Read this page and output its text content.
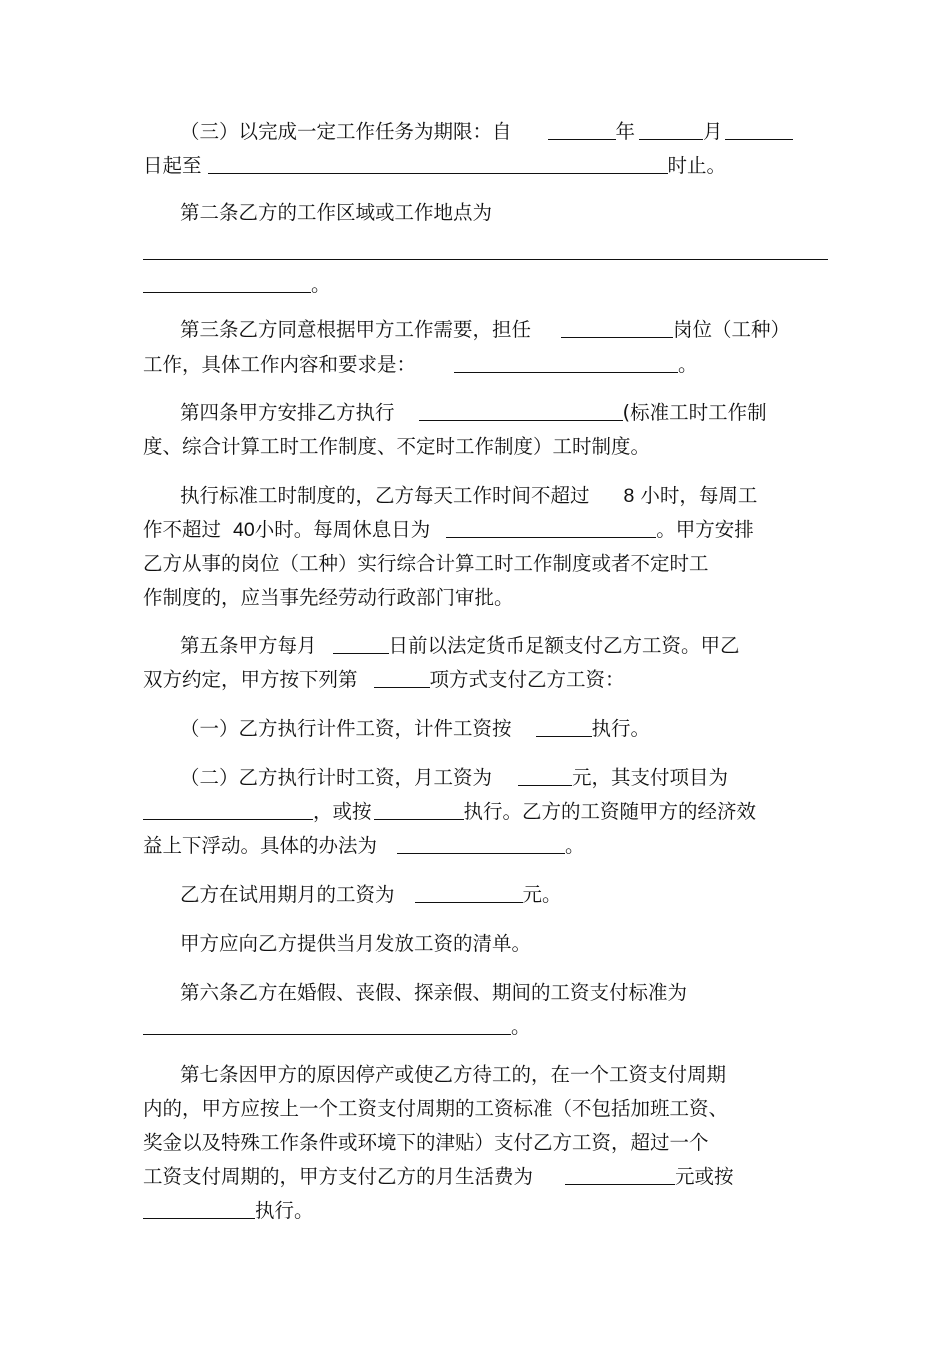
（三）以完成一定工作任务为期限：自	年	月
日起至	时止。
第二条乙方的工作区域或工作地点为
。
第三条乙方同意根据甲方工作需要，担任	岗位（工种）
工作，具体工作内容和要求是：	。
第四条甲方安排乙方执行	(标准工时工作制
度、综合计算工时工作制度、不定时工作制度）工时制度。
执行标准工时制度的，乙方每天工作时间不超过 8 小时，每周工
作不超过 40小时。每周休息日为	。甲方安排
乙方从事的岗位（工种）实行综合计算工时工作制度或者不定时工
作制度的，应当事先经劳动行政部门审批。
第五条甲方每月	日前以法定货币足额支付乙方工资。甲乙
双方约定，甲方按下列第	项方式支付乙方工资：
（一）乙方执行计件工资，计件工资按	执行。
（二）乙方执行计时工资，月工资为	元，其支付项目为
，或按	执行。乙方的工资随甲方的经济效
益上下浮动。具体的办法为	。
乙方在试用期月的工资为	元。
甲方应向乙方提供当月发放工资的清单。
第六条乙方在婚假、丧假、探亲假、期间的工资支付标准为
。
第七条因甲方的原因停产或使乙方待工的，在一个工资支付周期
内的，甲方应按上一个工资支付周期的工资标准（不包括加班工资、
奖金以及特殊工作条件或环境下的津贴）支付乙方工资，超过一个
工资支付周期的，甲方支付乙方的月生活费为	元或按
执行。
